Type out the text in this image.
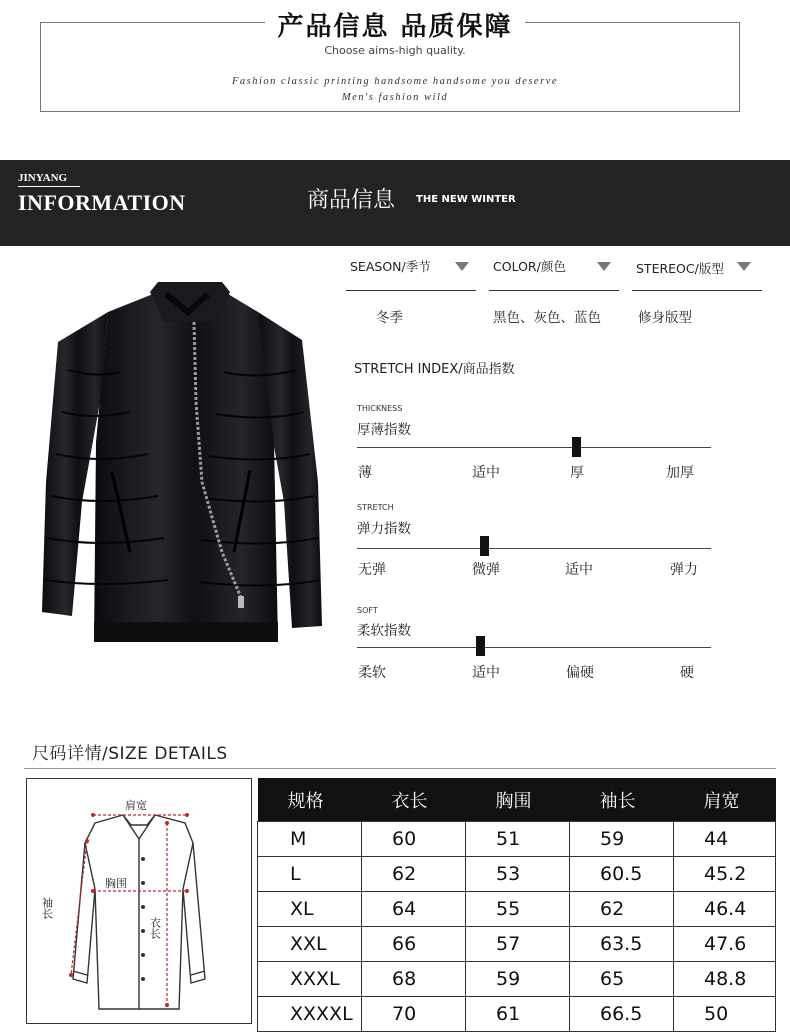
产品信息 品质保障
Choose aims-high quality.
Fashion classic printing handsome handsome you deserve
Men's fashion wild
JINYANG
INFORMATION	商品信息 THE NEW WINTER
SEASON/季节
冬季
COLOR/颜色
黑色、灰色、蓝色
STEREOC/版型
修身版型
STRETCH INDEX/商品指数
THICKNESS
厚薄指数
薄	适中	厚	加厚
STRETCH
弹力指数
无弹	微弹	适中	弹力
SOFT
柔软指数
柔软	适中	偏硬	硬
尺码详情/SIZE DETAILS
肩宽
胸围
袖长
衣长
规格	衣长	胸围	袖长	肩宽
M	60	51	59	44
L	62	53	60.5	45.2
XL	64	55	62	46.4
XXL	66	57	63.5	47.6
XXXL	68	59	65	48.8
XXXXL	70	61	66.5	50
